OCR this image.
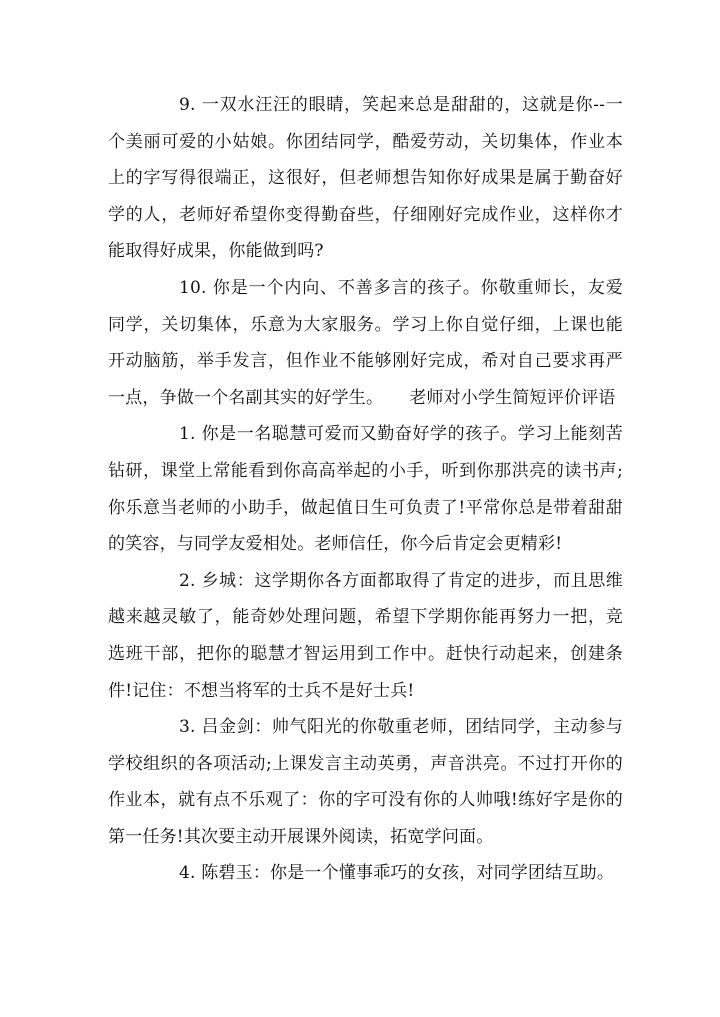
9. 一双水汪汪的眼睛，笑起来总是甜甜的，这就是你--一个美丽可爱的小姑娘。你团结同学，酷爱劳动，关切集体，作业本上的字写得很端正，这很好，但老师想告知你好成果是属于勤奋好学的人，老师好希望你变得勤奋些，仔细刚好完成作业，这样你才能取得好成果，你能做到吗?

10. 你是一个内向、不善多言的孩子。你敬重师长，友爱同学，关切集体，乐意为大家服务。学习上你自觉仔细，上课也能开动脑筋，举手发言，但作业不能够刚好完成，希对自己要求再严一点，争做一个名副其实的好学生。 老师对小学生简短评价评语

1. 你是一名聪慧可爱而又勤奋好学的孩子。学习上能刻苦钻研，课堂上常能看到你高高举起的小手，听到你那洪亮的读书声;你乐意当老师的小助手，做起值日生可负责了!平常你总是带着甜甜的笑容，与同学友爱相处。老师信任，你今后肯定会更精彩!

2. 乡城：这学期你各方面都取得了肯定的进步，而且思维越来越灵敏了，能奇妙处理问题，希望下学期你能再努力一把，竞选班干部，把你的聪慧才智运用到工作中。赶快行动起来，创建条件!记住：不想当将军的士兵不是好士兵!

3. 吕金剑：帅气阳光的你敬重老师，团结同学，主动参与学校组织的各项活动;上课发言主动英勇，声音洪亮。不过打开你的作业本，就有点不乐观了：你的字可没有你的人帅哦!练好字是你的第一任务!其次要主动开展课外阅读，拓宽学问面。

4. 陈碧玉：你是一个懂事乖巧的女孩，对同学团结互助。
